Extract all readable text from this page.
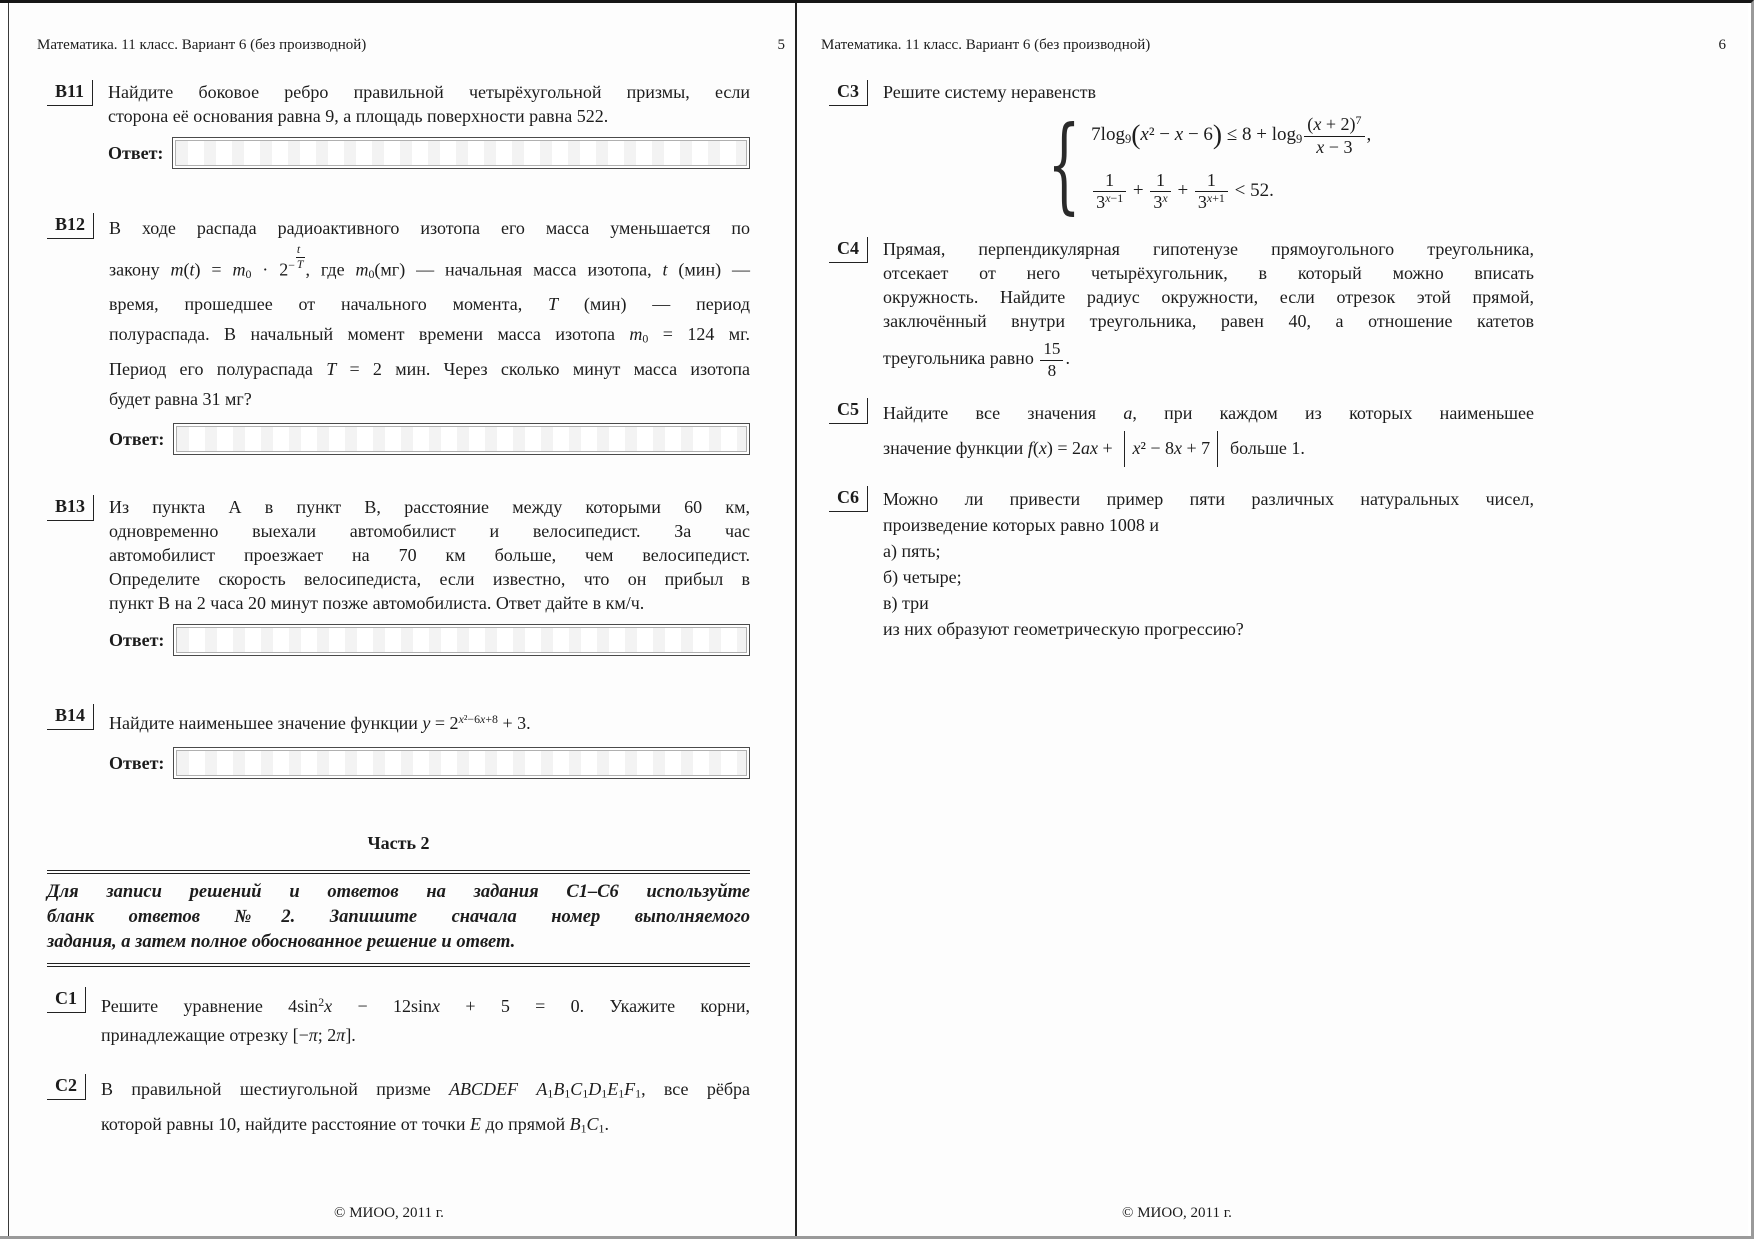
Математика. 11 класс. Вариант 6 (без производной)	5
B11	Найдите боковое ребро правильной четырёхугольной призмы, если
сторона её основания равна 9, а площадь поверхности равна 522.
Ответ:
B12	В ходе распада радиоактивного изотопа его масса уменьшается по
закону $m(t) = m_0 \cdot 2^{- \frac{t}{T}}$ , где $m_0(мг)$ — начальная масса изотопа, t (мин) —
время, прошедшее от начального момента, T (мин) — период
полураспада. В начальный момент времени масса изотопа $m_0 = 124$ мг.
Период его полураспада T = 2 мин. Через сколько минут масса изотопа
будет равна 31 мг?
Ответ:
B13	Из пункта А в пункт В, расстояние между которыми 60 км,
одновременно выехали автомобилист и велосипедист. За час
автомобилист проезжает на 70 км больше, чем велосипедист.
Определите скорость велосипедиста, если известно, что он прибыл в
пункт В на 2 часа 20 минут позже автомобилиста. Ответ дайте в км/ч.
Ответ:
B14	Найдите наименьшее значение функции $y = 2^{x^2-6x+8} + 3$.
Ответ:
Часть 2
Для записи решений и ответов на задания C1–C6 используйте
бланк ответов №2. Запишите сначала номер выполняемого
задания, а затем полное обоснованное решение и ответ.
C1	Решите уравнение $4\sin^2x - 12\sin x + 5 = 0$. Укажите корни,
принадлежащие отрезку [−π; 2π].
C2	В правильной шестиугольной призме ABCDEF $A_1B_1C_1D_1E_1F_1$, все рёбра
которой равны 10, найдите расстояние от точки E до прямой $B_1C_1$.
© МИОО, 2011 г.
Математика. 11 класс. Вариант 6 (без производной)	6
C3	Решите систему неравенств
{ $7\log_9(x^2 - x - 6) \le 8 + \log_9 \frac{(x + 2)^7}{x - 3}$ ,
$\frac{1}{3^{x-1}} + \frac{1}{3^x} + \frac{1}{3^{x+1}} < 52$.
C4	Прямая, перпендикулярная гипотенузе прямоугольного треугольника,
отсекает от него четырёхугольник, в который можно вписать
окружность. Найдите радиус окружности, если отрезок этой прямой,
заключённый внутри треугольника, равен 40, а отношение катетов
треугольника равно $\frac{15}{8}$ .
C5	Найдите все значения a, при каждом из которых наименьшее
значение функции f(x) = 2ax + x² − 8x + 7 больше 1.
C6	Можно ли привести пример пяти различных натуральных чисел,
произведение которых равно 1008 и
а) пять;
б) четыре;
в) три
из них образуют геометрическую прогрессию?
© МИОО, 2011 г.
